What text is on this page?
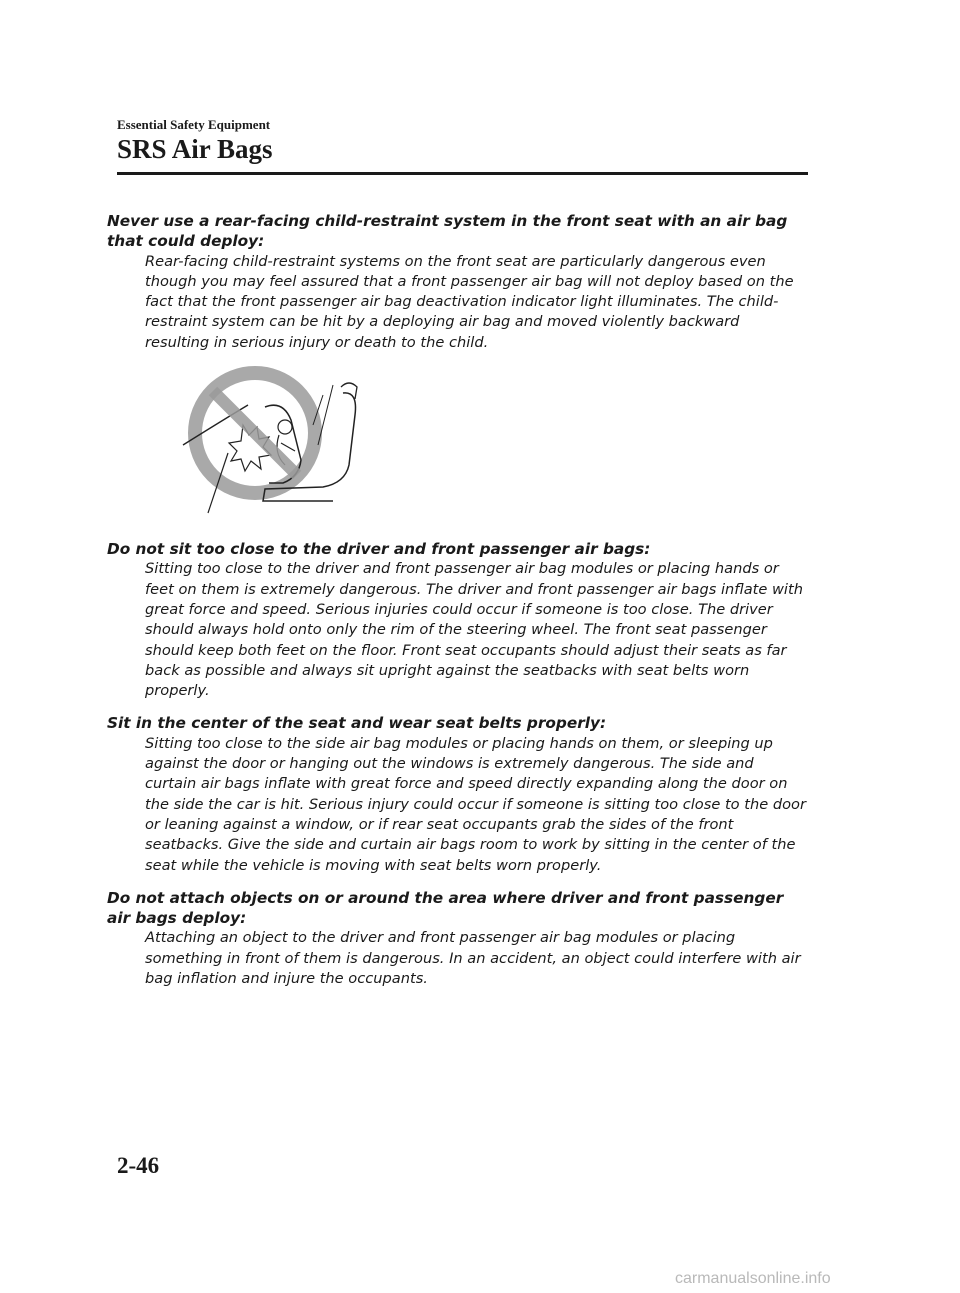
Essential Safety Equipment
SRS Air Bags
Never use a rear-facing child-restraint system in the front seat with an air bag that could deploy:
Rear-facing child-restraint systems on the front seat are particularly dangerous even though you may feel assured that a front passenger air bag will not deploy based on the fact that the front passenger air bag deactivation indicator light illuminates. The child-restraint system can be hit by a deploying air bag and moved violently backward resulting in serious injury or death to the child.
Do not sit too close to the driver and front passenger air bags:
Sitting too close to the driver and front passenger air bag modules or placing hands or feet on them is extremely dangerous. The driver and front passenger air bags inflate with great force and speed. Serious injuries could occur if someone is too close. The driver should always hold onto only the rim of the steering wheel. The front seat passenger should keep both feet on the floor. Front seat occupants should adjust their seats as far back as possible and always sit upright against the seatbacks with seat belts worn properly.
Sit in the center of the seat and wear seat belts properly:
Sitting too close to the side air bag modules or placing hands on them, or sleeping up against the door or hanging out the windows is extremely dangerous. The side and curtain air bags inflate with great force and speed directly expanding along the door on the side the car is hit. Serious injury could occur if someone is sitting too close to the door or leaning against a window, or if rear seat occupants grab the sides of the front seatbacks. Give the side and curtain air bags room to work by sitting in the center of the seat while the vehicle is moving with seat belts worn properly.
Do not attach objects on or around the area where driver and front passenger air bags deploy:
Attaching an object to the driver and front passenger air bag modules or placing something in front of them is dangerous. In an accident, an object could interfere with air bag inflation and injure the occupants.
2-46
carmanualsonline.info
